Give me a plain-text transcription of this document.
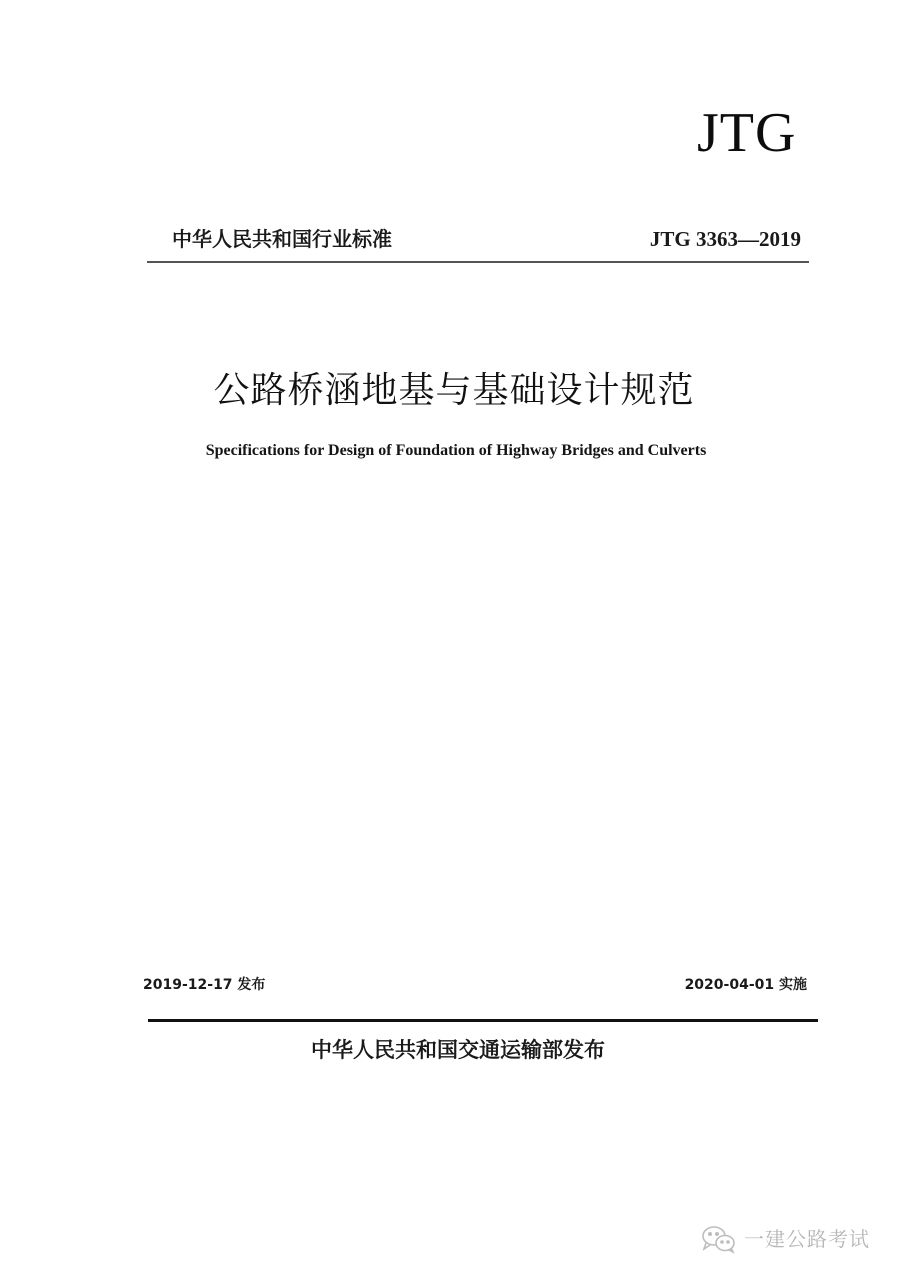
JTG
中华人民共和国行业标准	JTG 3363—2019
公路桥涵地基与基础设计规范
Specifications for Design of Foundation of Highway Bridges and Culverts
2019-12-17 发布	2020-04-01 实施
中华人民共和国交通运输部发布
一建公路考试
